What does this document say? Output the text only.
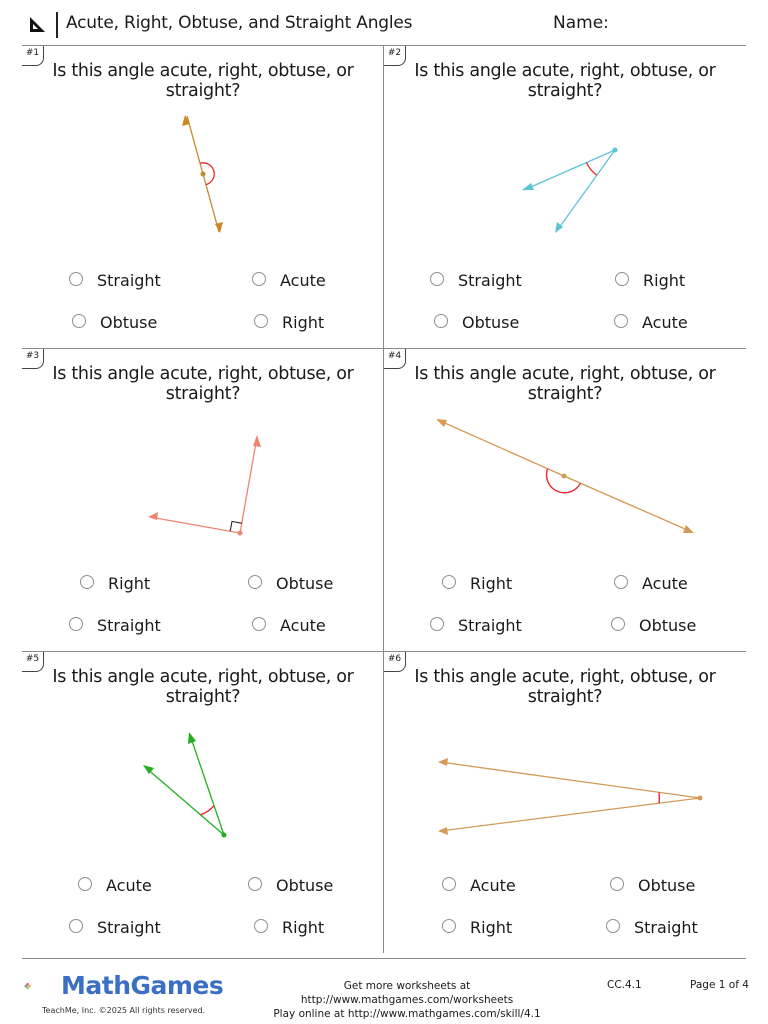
Acute, Right, Obtuse, and Straight Angles	Name:
#1
Is this angle acute, right, obtuse, or straight?
Straight	Acute
Obtuse	Right
#2
Is this angle acute, right, obtuse, or straight?
Straight	Right
Obtuse	Acute
#3
Is this angle acute, right, obtuse, or straight?
Right	Obtuse
Straight	Acute
#4
Is this angle acute, right, obtuse, or straight?
Right	Acute
Straight	Obtuse
#5
Is this angle acute, right, obtuse, or straight?
Acute	Obtuse
Straight	Right
#6
Is this angle acute, right, obtuse, or straight?
Acute	Obtuse
Right	Straight
+ MathGames
TeachMe, Inc. ©2025 All rights reserved.
Get more worksheets at http://www.mathgames.com/worksheets
Play online at http://www.mathgames.com/skill/4.1
CC.4.1	Page 1 of 4
